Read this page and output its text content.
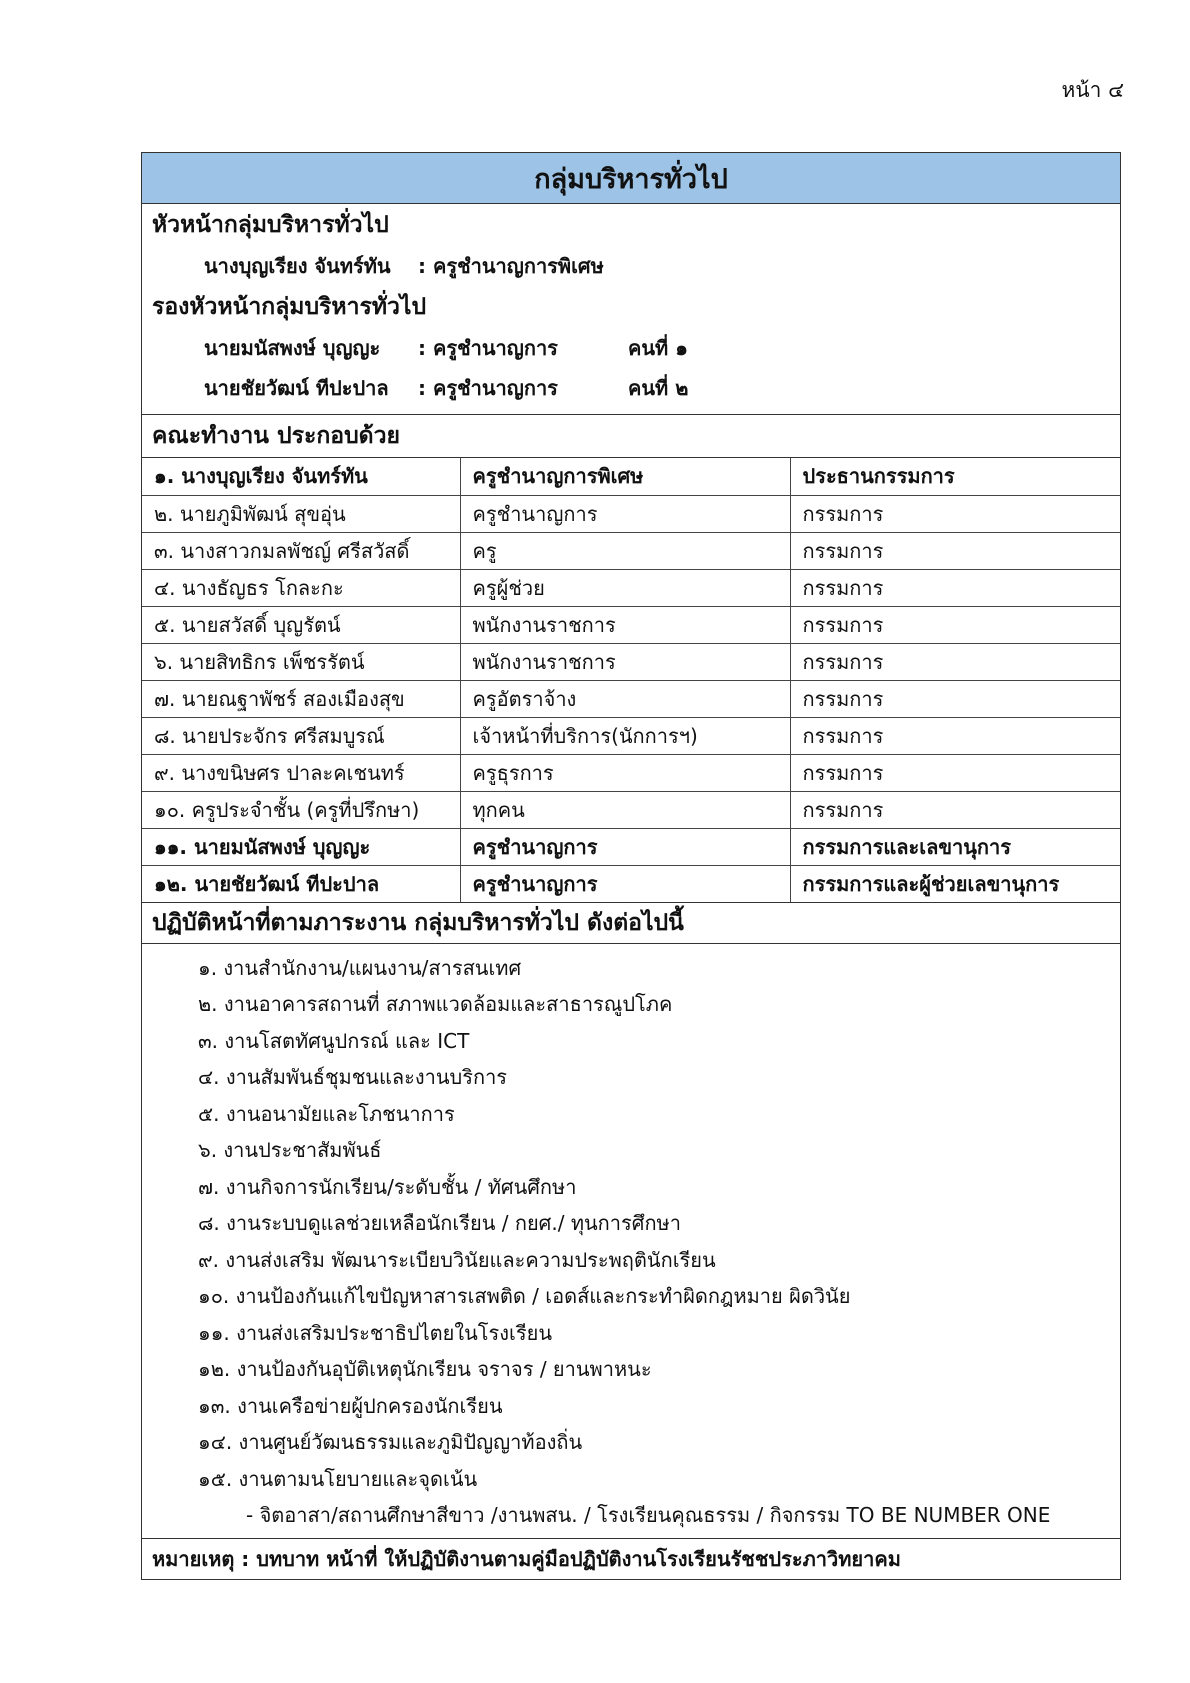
หน้า ๔
กลุ่มบริหารทั่วไป
หัวหน้ากลุ่มบริหารทั่วไป
นางบุญเรียง จันทร์ทัน	: ครูชำนาญการพิเศษ
รองหัวหน้ากลุ่มบริหารทั่วไป
นายมนัสพงษ์ บุญญะ	: ครูชำนาญการ	คนที่ ๑
นายชัยวัฒน์ ทีปะปาล	: ครูชำนาญการ	คนที่ ๒
คณะทำงาน ประกอบด้วย
๑. นางบุญเรียง จันทร์ทัน	ครูชำนาญการพิเศษ	ประธานกรรมการ
๒. นายภูมิพัฒน์ สุขอุ่น	ครูชำนาญการ	กรรมการ
๓. นางสาวกมลพัชญ์ ศรีสวัสดิ์	ครู	กรรมการ
๔. นางธัญธร โกละกะ	ครูผู้ช่วย	กรรมการ
๕. นายสวัสดิ์ บุญรัตน์	พนักงานราชการ	กรรมการ
๖. นายสิทธิกร เพ็ชรรัตน์	พนักงานราชการ	กรรมการ
๗. นายณฐาพัชร์ สองเมืองสุข	ครูอัตราจ้าง	กรรมการ
๘. นายประจักร ศรีสมบูรณ์	เจ้าหน้าที่บริการ(นักการฯ)	กรรมการ
๙. นางขนิษศร ปาละคเชนทร์	ครูธุรการ	กรรมการ
๑๐. ครูประจำชั้น (ครูที่ปรึกษา)	ทุกคน	กรรมการ
๑๑. นายมนัสพงษ์ บุญญะ	ครูชำนาญการ	กรรมการและเลขานุการ
๑๒. นายชัยวัฒน์ ทีปะปาล	ครูชำนาญการ	กรรมการและผู้ช่วยเลขานุการ
ปฏิบัติหน้าที่ตามภาระงาน กลุ่มบริหารทั่วไป ดังต่อไปนี้
๑. งานสำนักงาน/แผนงาน/สารสนเทศ
๒. งานอาคารสถานที่ สภาพแวดล้อมและสาธารณูปโภค
๓. งานโสตทัศนูปกรณ์ และ ICT
๔. งานสัมพันธ์ชุมชนและงานบริการ
๕. งานอนามัยและโภชนาการ
๖. งานประชาสัมพันธ์
๗. งานกิจการนักเรียน/ระดับชั้น / ทัศนศึกษา
๘. งานระบบดูแลช่วยเหลือนักเรียน / กยศ./ ทุนการศึกษา
๙. งานส่งเสริม พัฒนาระเบียบวินัยและความประพฤตินักเรียน
๑๐. งานป้องกันแก้ไขปัญหาสารเสพติด / เอดส์และกระทำผิดกฎหมาย ผิดวินัย
๑๑. งานส่งเสริมประชาธิปไตยในโรงเรียน
๑๒. งานป้องกันอุบัติเหตุนักเรียน จราจร / ยานพาหนะ
๑๓. งานเครือข่ายผู้ปกครองนักเรียน
๑๔. งานศูนย์วัฒนธรรมและภูมิปัญญาท้องถิ่น
๑๕. งานตามนโยบายและจุดเน้น
- จิตอาสา/สถานศึกษาสีขาว /งานพสน. / โรงเรียนคุณธรรม / กิจกรรม TO BE NUMBER ONE
หมายเหตุ : บทบาท หน้าที่ ให้ปฏิบัติงานตามคู่มือปฏิบัติงานโรงเรียนรัชชประภาวิทยาคม
